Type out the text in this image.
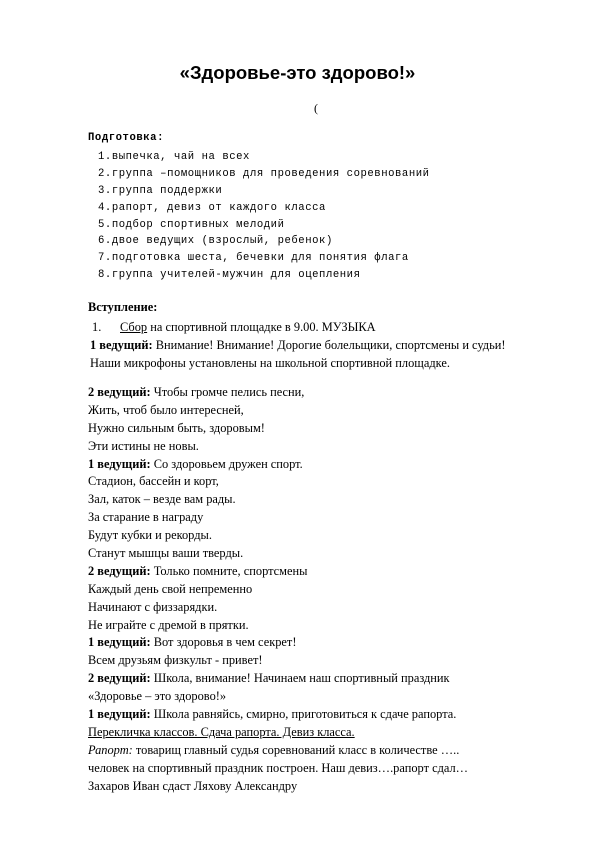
«Здоровье-это здорово!»
(
Подготовка:
1.выпечка, чай на всех
2.группа –помощников для проведения соревнований
3.группа поддержки
4.рапорт, девиз от каждого класса
5.подбор спортивных мелодий
6.двое ведущих (взрослый, ребенок)
7.подготовка шеста, бечевки для понятия флага
8.группа учителей-мужчин для оцепления
Вступление:
1. Сбор на спортивной площадке в 9.00. МУЗЫКА
1 ведущий: Внимание! Внимание! Дорогие болельщики, спортсмены и судьи! Наши микрофоны установлены на школьной спортивной площадке.
2 ведущий: Чтобы громче пелись песни,
Жить, чтоб было интересней,
Нужно сильным быть, здоровым!
Эти истины не новы.
1 ведущий: Со здоровьем дружен спорт.
Стадион, бассейн и корт,
Зал, каток – везде вам рады.
За старание в награду
Будут кубки и рекорды.
Станут мышцы ваши тверды.
2 ведущий: Только помните, спортсмены
Каждый день свой непременно
Начинают с физзарядки.
Не играйте с дремой в прятки.
1 ведущий: Вот здоровья в чем секрет!
Всем друзьям физкульт - привет!
2 ведущий: Школа, внимание! Начинаем наш спортивный праздник
«Здоровье – это здорово!»
1 ведущий: Школа равняйсь, смирно, приготовиться к сдаче рапорта.
Перекличка классов. Сдача рапорта. Девиз класса.
Рапорт: товарищ главный судья соревнований класс в количестве …..
человек на спортивный праздник построен. Наш девиз….рапорт сдал…
Захаров Иван сдаст Ляхову Александру
